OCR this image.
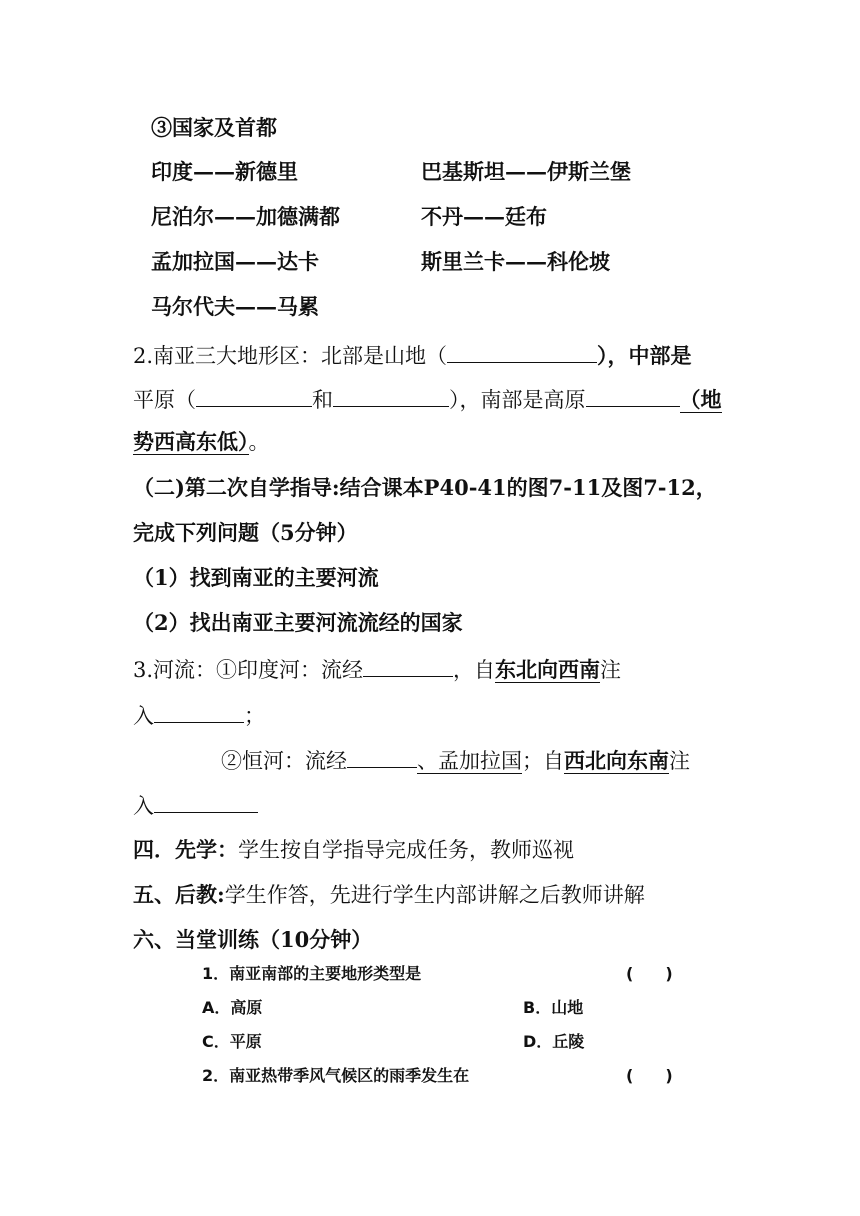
③国家及首都
印度——新德里	巴基斯坦——伊斯兰堡
尼泊尔——加德满都	不丹——廷布
孟加拉国——达卡	斯里兰卡——科伦坡
马尔代夫——马累
2.南亚三大地形区：北部是山地（	），中部是
平原（	和	），南部是高原	（地
势西高东低）。
（二)第二次自学指导:结合课本P40-41的图7-11及图7-12，
完成下列问题（5分钟）
（1）找到南亚的主要河流
（2）找出南亚主要河流流经的国家
3.河流：①印度河：流经	，自东北向西南注
入	；
②恒河：流经	、孟加拉国；自西北向东南注
入
四．先学：学生按自学指导完成任务，教师巡视
五、后教:学生作答，先进行学生内部讲解之后教师讲解
六、当堂训练（10分钟）
1．南亚南部的主要地形类型是	(　　)
A．高原	B．山地
C．平原	D．丘陵
2．南亚热带季风气候区的雨季发生在	(　　)
